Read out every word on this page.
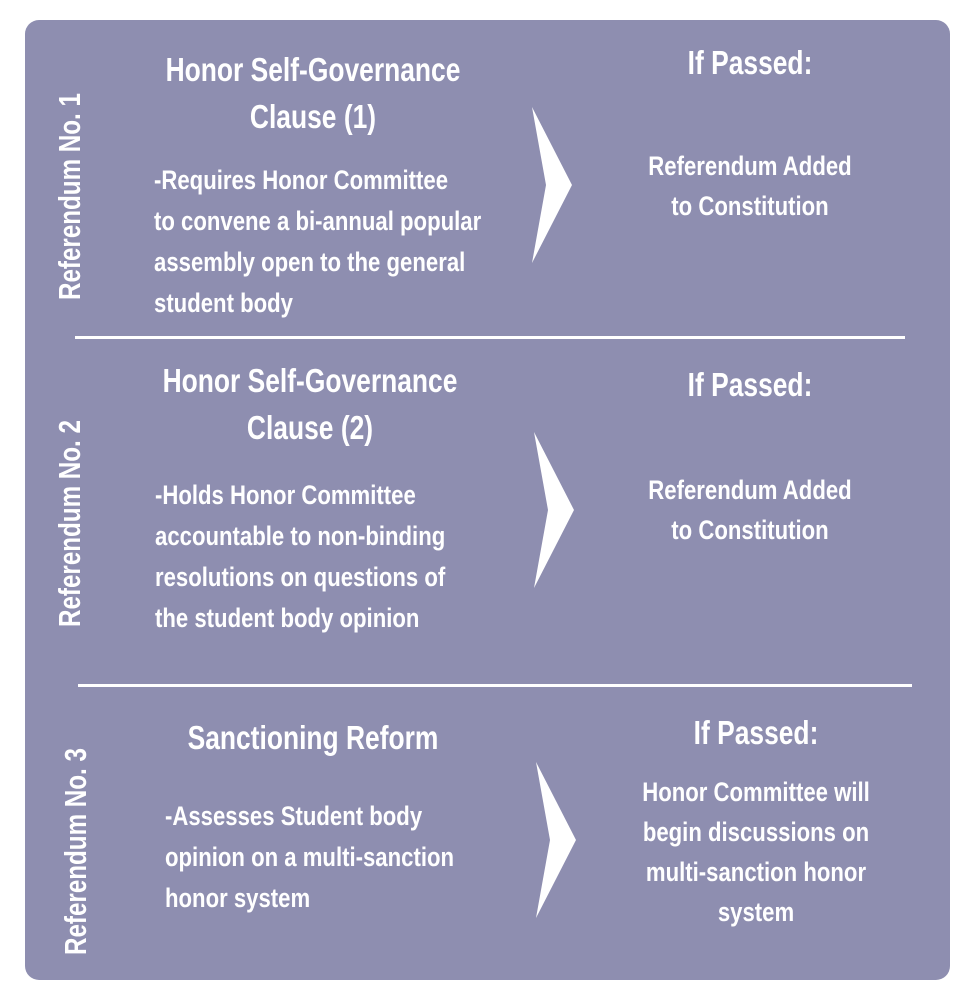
Referendum No. 1
Honor Self-Governance
Clause (1)
-Requires Honor Committee
to convene a bi-annual popular
assembly open to the general
student body
If Passed:
Referendum Added
to Constitution
Referendum No. 2
Honor Self-Governance
Clause (2)
-Holds Honor Committee
accountable to non-binding
resolutions on questions of
the student body opinion
If Passed:
Referendum Added
to Constitution
Referendum No. 3
Sanctioning Reform
-Assesses Student body
opinion on a multi-sanction
honor system
If Passed:
Honor Committee will
begin discussions on
multi-sanction honor
system
